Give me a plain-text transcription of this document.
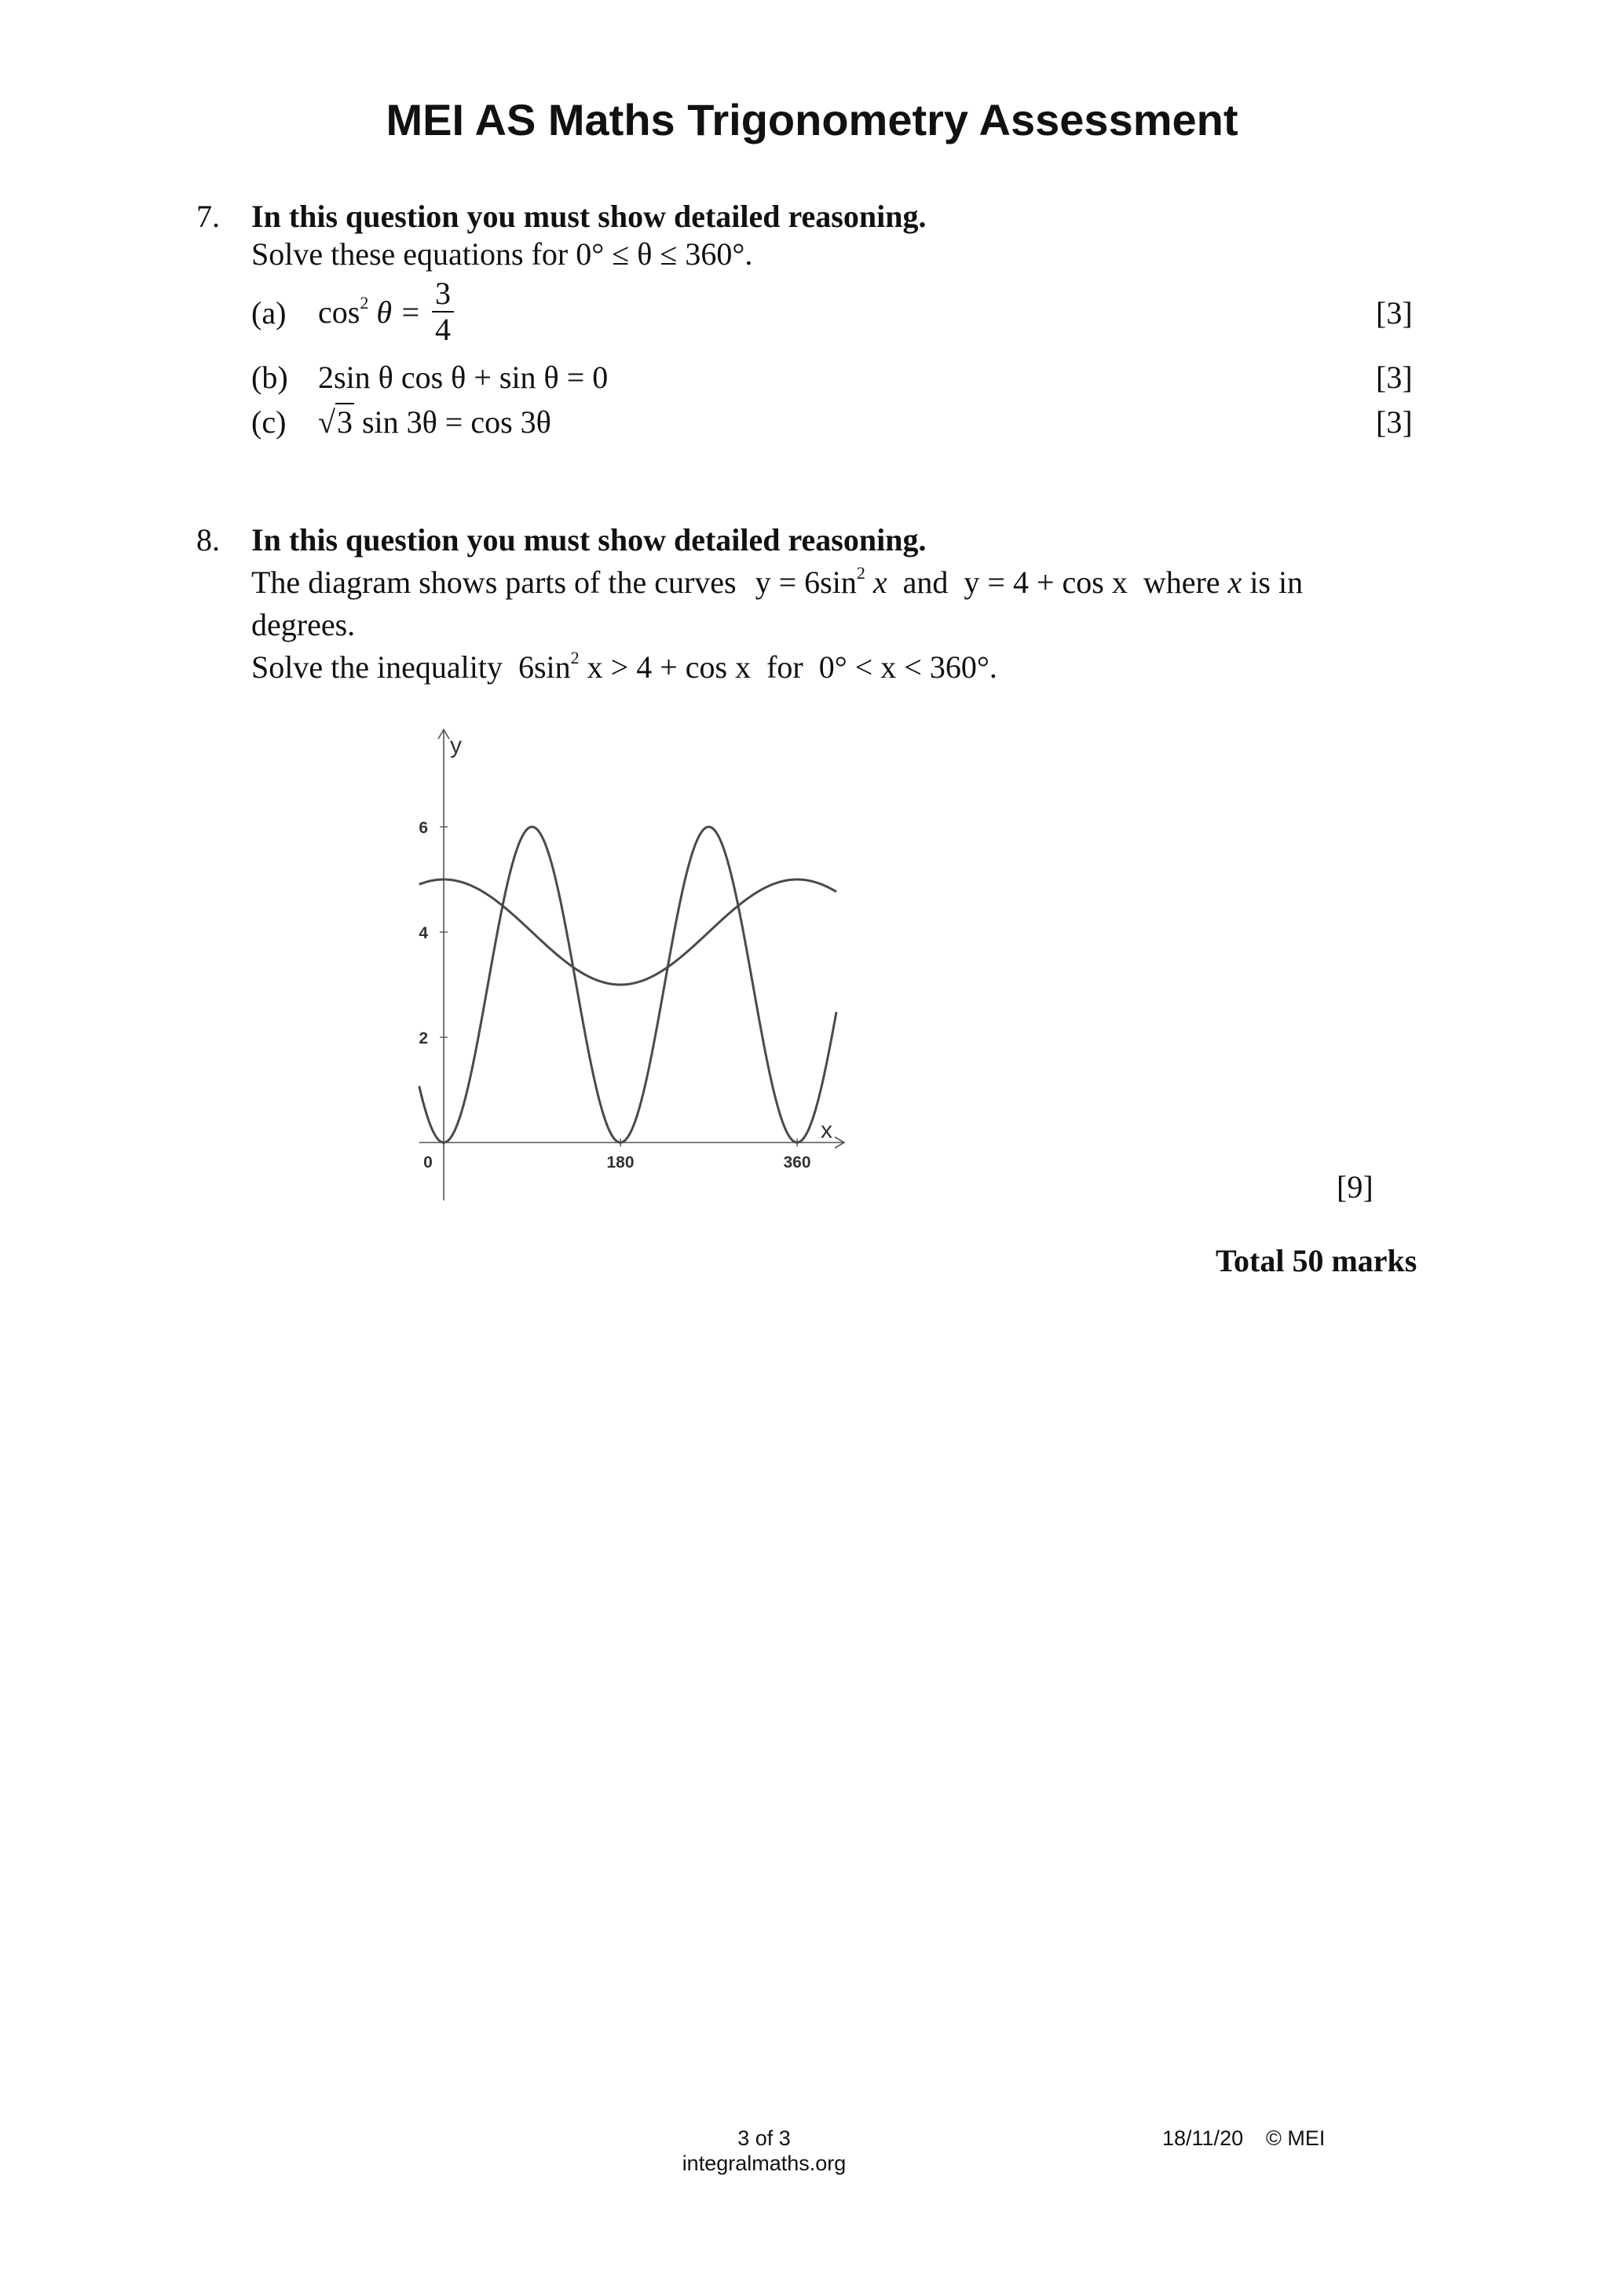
MEI AS Maths Trigonometry Assessment
7. In this question you must show detailed reasoning.
Solve these equations for 0° ≤ θ ≤ 360°.
(a) $\cos^2 \theta = \frac{3}{4}$	[3]
(b) 2sin θ cos θ + sin θ = 0	[3]
(c) √3 sin 3θ = cos 3θ	[3]
8. In this question you must show detailed reasoning.
The diagram shows parts of the curves $y = 6\sin^2$ x and y = 4 + cos x where x is in
degrees.
Solve the inequality $6\sin^2$ x > 4 + cos x for 0° < x < 360°.
x
y
0	180	360
2
4
6
[9]
Total 50 marks
3 of 3
integralmaths.org
18/11/20 © MEI
